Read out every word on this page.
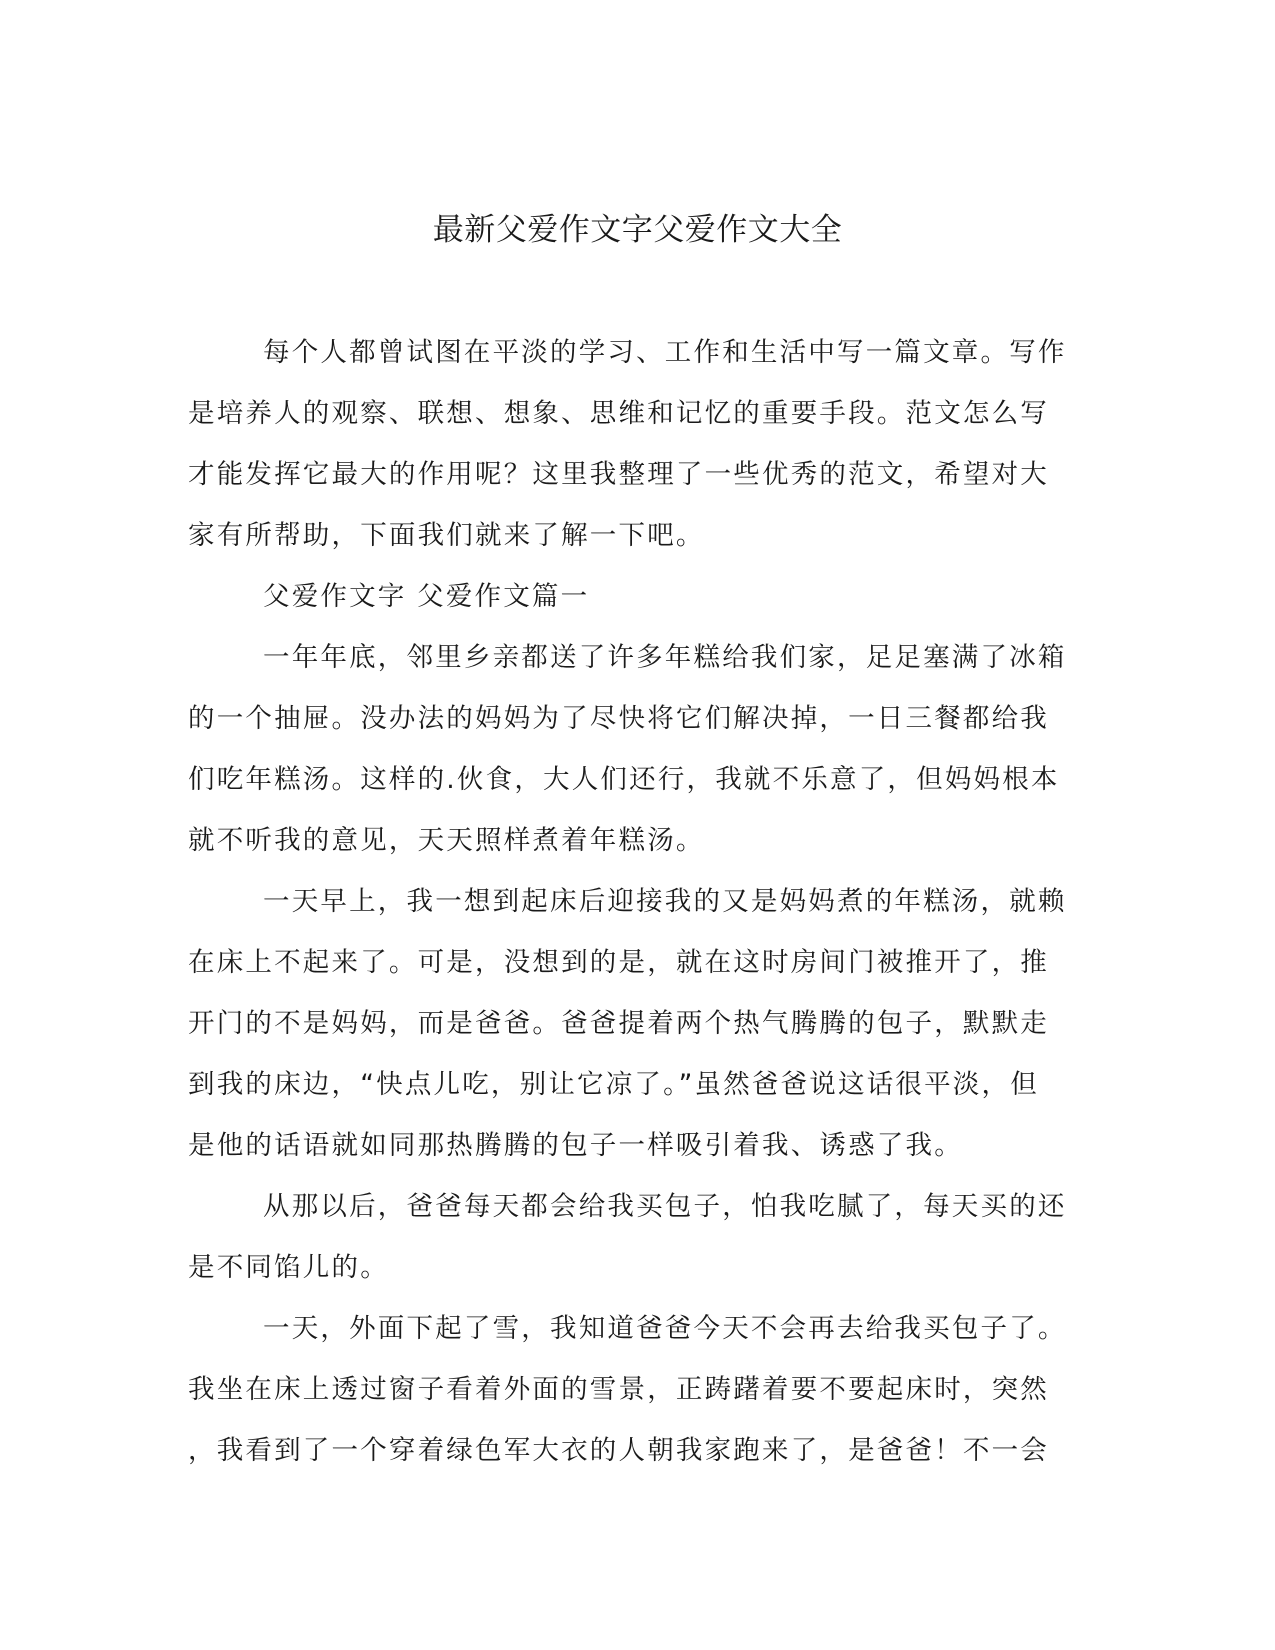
最新父爱作文字父爱作文大全
每个人都曾试图在平淡的学习、工作和生活中写一篇文章。写作
是培养人的观察、联想、想象、思维和记忆的重要手段。范文怎么写
才能发挥它最大的作用呢？这里我整理了一些优秀的范文，希望对大
家有所帮助，下面我们就来了解一下吧。
父爱作文字 父爱作文篇一
一年年底，邻里乡亲都送了许多年糕给我们家，足足塞满了冰箱
的一个抽屉。没办法的妈妈为了尽快将它们解决掉，一日三餐都给我
们吃年糕汤。这样的.伙食，大人们还行，我就不乐意了，但妈妈根本
就不听我的意见，天天照样煮着年糕汤。
一天早上，我一想到起床后迎接我的又是妈妈煮的年糕汤，就赖
在床上不起来了。可是，没想到的是，就在这时房间门被推开了，推
开门的不是妈妈，而是爸爸。爸爸提着两个热气腾腾的包子，默默走
到我的床边，“快点儿吃，别让它凉了。”虽然爸爸说这话很平淡，但
是他的话语就如同那热腾腾的包子一样吸引着我、诱惑了我。
从那以后，爸爸每天都会给我买包子，怕我吃腻了，每天买的还
是不同馅儿的。
一天，外面下起了雪，我知道爸爸今天不会再去给我买包子了。
我坐在床上透过窗子看着外面的雪景，正踌躇着要不要起床时，突然
，我看到了一个穿着绿色军大衣的人朝我家跑来了，是爸爸！不一会
